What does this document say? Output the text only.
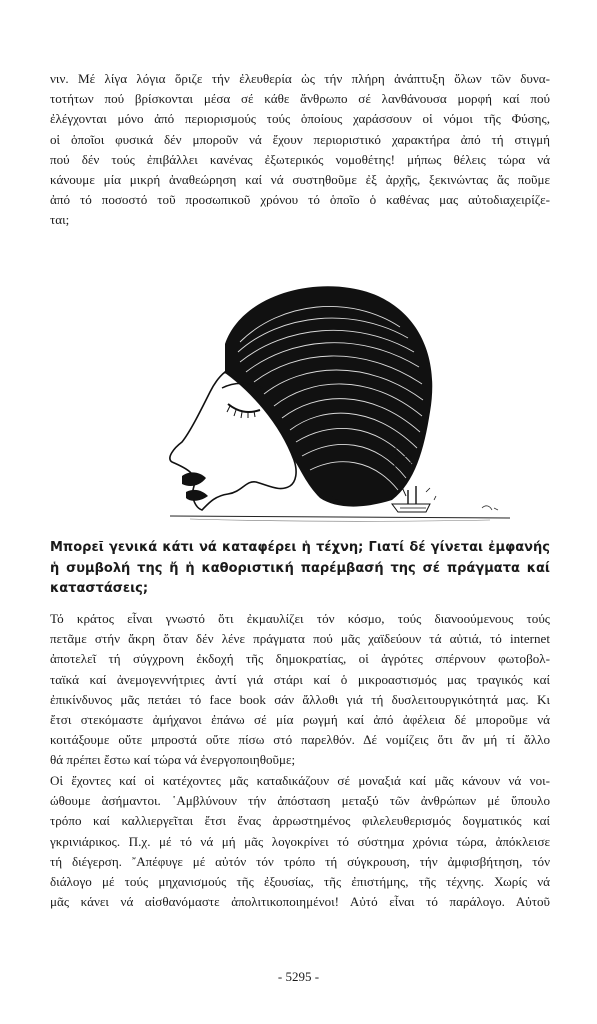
νιν. Μέ λίγα λόγια ὅριζε τήν ἐλευθερία ὡς τήν πλήρη ἀνάπτυξη ὅλων τῶν δυνα-
τοτήτων πού βρίσκονται μέσα σέ κάθε ἄνθρωπο σέ λανθάνουσα μορφή καί πού
ἐλέγχονται μόνο ἀπό περιορισμούς τούς ὁποίους χαράσσουν οἱ νόμοι τῆς Φύσης,
οἱ ὁποῖοι φυσικά δέν μποροῦν νά ἔχουν περιοριστικό χαρακτήρα ἀπό τή στιγμή
πού δέν τούς ἐπιβάλλει κανένας ἐξωτερικός νομοθέτης! μήπως θέλεις τώρα νά
κάνουμε μία μικρή ἀναθεώρηση καί νά συστηθοῦμε ἐξ ἀρχῆς, ξεκινώντας ἄς ποῦμε
ἀπό τό ποσοστό τοῦ προσωπικοῦ χρόνου τό ὁποῖο ὁ καθένας μας αὐτοδιαχειρίζε-
ται;

Μπορεῖ γενικά κάτι νά καταφέρει ἡ τέχνη; Γιατί δέ γίνεται ἐμφανής
ἡ συμβολή της ἤ ἡ καθοριστική παρέμβασή της σέ πράγματα καί
καταστάσεις;

Τό κράτος εἶναι γνωστό ὅτι ἐκμαυλίζει τόν κόσμο, τούς διανοούμενους τούς
πετᾶμε στήν ἄκρη ὅταν δέν λένε πράγματα πού μᾶς χαϊδεύουν τά αὐτιά, τό internet
ἀποτελεῖ τή σύγχρονη ἐκδοχή τῆς δημοκρατίας, οἱ ἀγρότες σπέρνουν φωτοβολ-
ταϊκά καί ἀνεμογεννήτριες ἀντί γιά στάρι καί ὁ μικροαστισμός μας τραγικός καί
ἐπικίνδυνος μᾶς πετάει τό face book σάν ἄλλοθι γιά τή δυσλειτουργικότητά μας. Κι
ἔτσι στεκόμαστε ἀμήχανοι ἐπάνω σέ μία ρωγμή καί ἀπό ἀφέλεια δέ μποροῦμε νά
κοιτάξουμε οὔτε μπροστά οὔτε πίσω στό παρελθόν. Δέ νομίζεις ὅτι ἄν μή τί ἄλλο
θά πρέπει ἔστω καί τώρα νά ἐνεργοποιηθοῦμε;

Οἱ ἔχοντες καί οἱ κατέχοντες μᾶς καταδικάζουν σέ μοναξιά καί μᾶς κάνουν νά νοι-
ώθουμε ἀσήμαντοι. ῾Αμβλύνουν τήν ἀπόσταση μεταξύ τῶν ἀνθρώπων μέ ὕπουλο
τρόπο καί καλλιεργεῖται ἔτσι ἕνας ἀρρωστημένος φιλελευθερισμός δογματικός καί
γκρινιάρικος. Π.χ. μέ τό νά μή μᾶς λογοκρίνει τό σύστημα χρόνια τώρα, ἀπόκλεισε
τή διέγερση. ῎Απέφυγε μέ αὐτόν τόν τρόπο τή σύγκρουση, τήν ἀμφισβήτηση, τόν
διάλογο μέ τούς μηχανισμούς τῆς ἐξουσίας, τῆς ἐπιστήμης, τῆς τέχνης. Χωρίς νά
μᾶς κάνει νά αἰσθανόμαστε ἀπολιτικοποιημένοι! Αὐτό εἶναι τό παράλογο. Αὐτοῦ

- 5295 -
